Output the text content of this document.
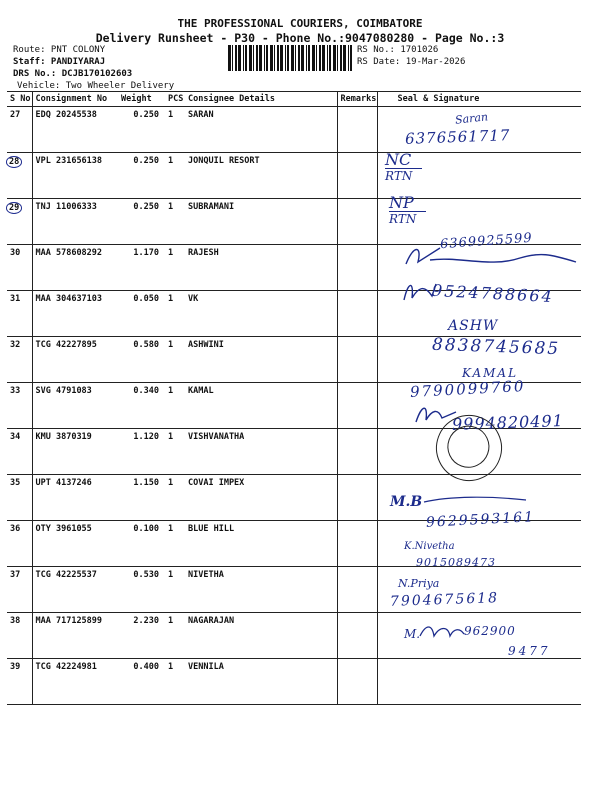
THE PROFESSIONAL COURIERS, COIMBATORE
Delivery Runsheet - P30 - Phone No.:9047080280 - Page No.:3
Route: PNT COLONY
Staff: PANDIYARAJ
DRS No.: DCJB170102603
Vehicle: Two Wheeler Delivery
RS No.: 1701026
RS Date: 19-Mar-2026
S No	Consignment No	Weight	PCS	Consignee Details	Remarks	Seal & Signature
27	EDQ 20245538	0.250	1	SARAN		
28	VPL 231656138	0.250	1	JONQUIL RESORT		
29	TNJ 11006333	0.250	1	SUBRAMANI		
30	MAA 578608292	1.170	1	RAJESH		
31	MAA 304637103	0.050	1	VK		
32	TCG 42227895	0.580	1	ASHWINI		
33	SVG 4791083	0.340	1	KAMAL		
34	KMU 3870319	1.120	1	VISHVANATHA		
35	UPT 4137246	1.150	1	COVAI IMPEX		
36	OTY 3961055	0.100	1	BLUE HILL		
37	TCG 42225537	0.530	1	NIVETHA		
38	MAA 717125899	2.230	1	NAGARAJAN		
39	TCG 42224981	0.400	1	VENNILA		
Saran
6376561717
NC
RTN
NP
RTN
6369925599
9524788664
ASHW
8838745685
KAMAL
9790099760
9994820491
M.B
9629593161
K.Nivetha
9015089473
N.Priya
7904675618
M.	962900
9477
